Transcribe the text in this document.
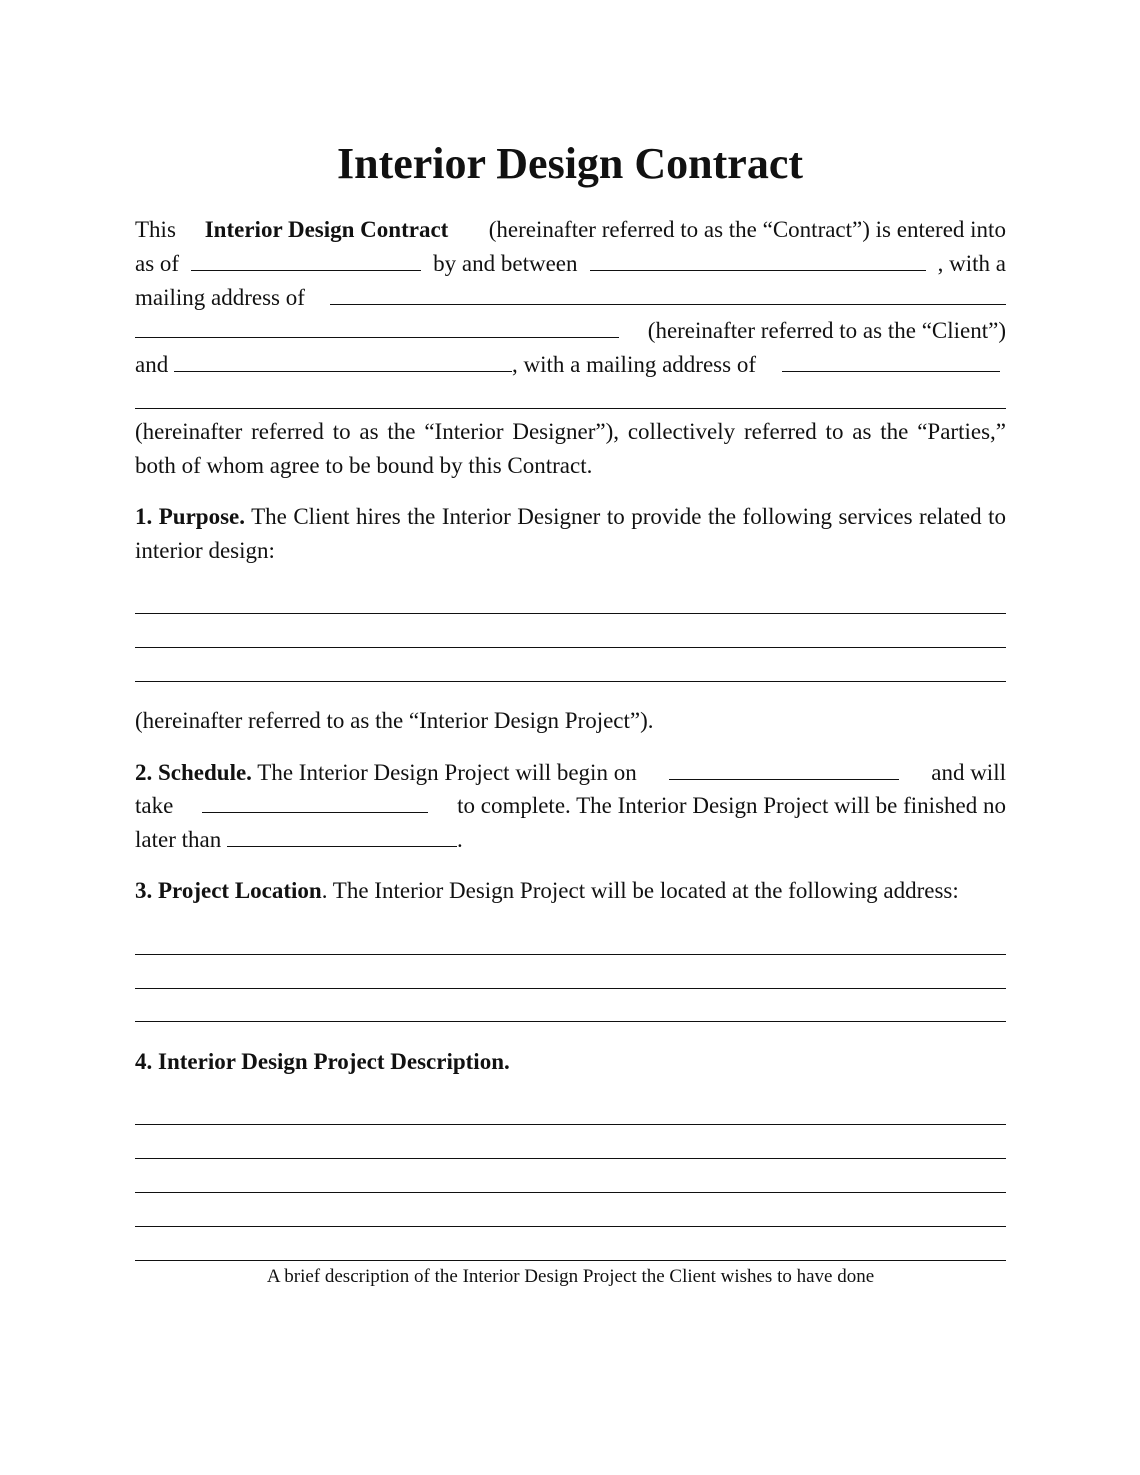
Interior Design Contract
This
Interior Design Contract
(hereinafter referred to as the “Contract”) is entered into
as of	by and between	, with a
mailing address of
(hereinafter referred to as the “Client”)
and	, with a mailing address of

(hereinafter referred to as the “Interior Designer”), collectively referred to as the “Parties,” both of whom agree to be bound by this Contract.

1. Purpose. The Client hires the Interior Designer to provide the following services related to interior design:

(hereinafter referred to as the “Interior Design Project”).

2. Schedule. The Interior Design Project will begin on	and will
take	to complete. The Interior Design Project will be finished no
later than	.

3. Project Location. The Interior Design Project will be located at the following address:

4. Interior Design Project Description.

A brief description of the Interior Design Project the Client wishes to have done
